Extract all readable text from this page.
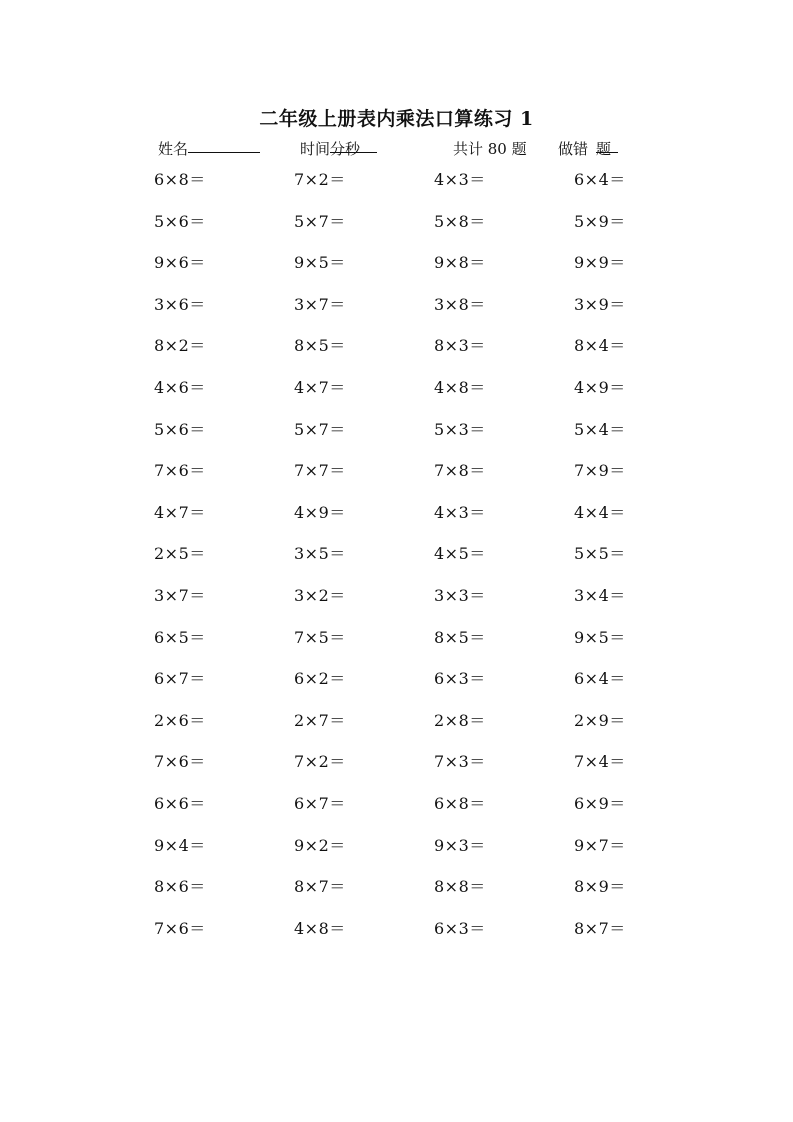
二年级上册表内乘法口算练习 1
姓名	时间
分
秒	共计 80 题 做错 题
6×8＝	7×2＝	4×3＝	6×4＝
5×6＝	5×7＝	5×8＝	5×9＝
9×6＝	9×5＝	9×8＝	9×9＝
3×6＝	3×7＝	3×8＝	3×9＝
8×2＝	8×5＝	8×3＝	8×4＝
4×6＝	4×7＝	4×8＝	4×9＝
5×6＝	5×7＝	5×3＝	5×4＝
7×6＝	7×7＝	7×8＝	7×9＝
4×7＝	4×9＝	4×3＝	4×4＝
2×5＝	3×5＝	4×5＝	5×5＝
3×7＝	3×2＝	3×3＝	3×4＝
6×5＝	7×5＝	8×5＝	9×5＝
6×7＝	6×2＝	6×3＝	6×4＝
2×6＝	2×7＝	2×8＝	2×9＝
7×6＝	7×2＝	7×3＝	7×4＝
6×6＝	6×7＝	6×8＝	6×9＝
9×4＝	9×2＝	9×3＝	9×7＝
8×6＝	8×7＝	8×8＝	8×9＝
7×6＝	4×8＝	6×3＝	8×7＝
